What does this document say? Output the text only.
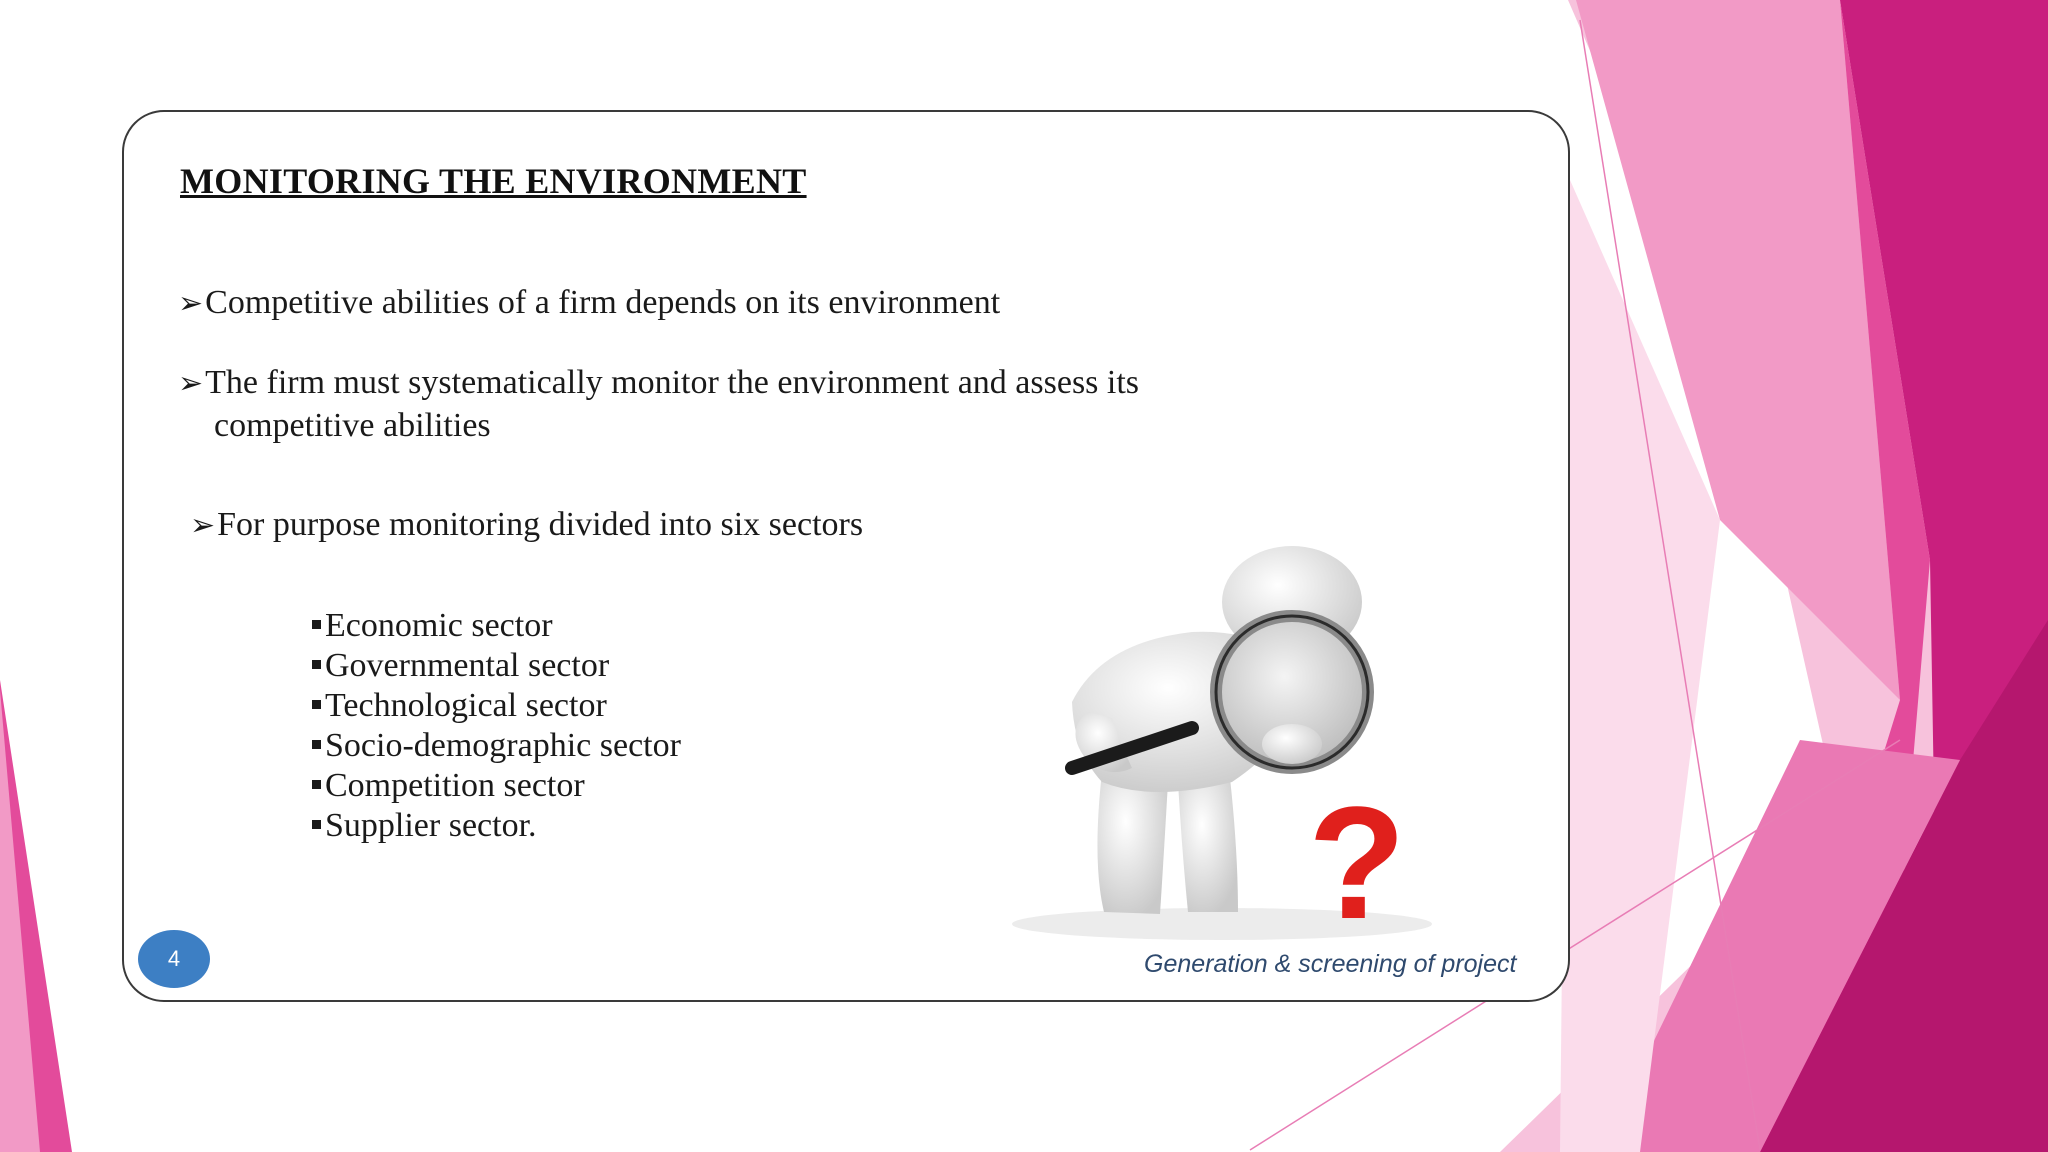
MONITORING THE ENVIRONMENT

➢Competitive abilities of a firm depends on its environment

➢The firm must systematically monitor the environment and assess its
competitive abilities

➢For purpose monitoring divided into six sectors

Economic sector
Governmental sector
Technological sector
Socio-demographic sector
Competition sector
Supplier sector.	?
4	Generation & screening of project
